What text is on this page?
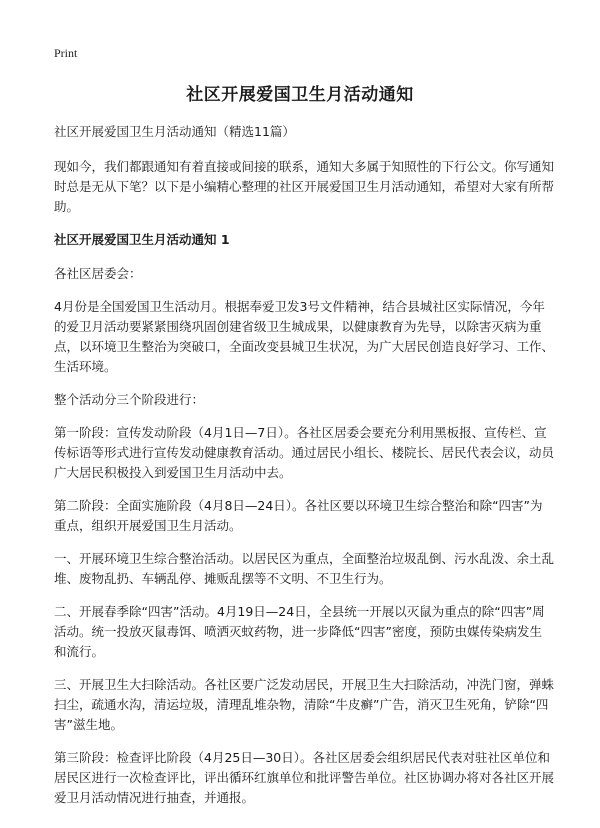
Print
社区开展爱国卫生月活动通知

社区开展爱国卫生月活动通知（精选11篇）

现如今，我们都跟通知有着直接或间接的联系，通知大多属于知照性的下行公文。你写通知时总是无从下笔？以下是小编精心整理的社区开展爱国卫生月活动通知，希望对大家有所帮助。

社区开展爱国卫生月活动通知 1

各社区居委会：

4月份是全国爱国卫生活动月。根据奉爱卫发3号文件精神，结合县城社区实际情况，今年的爱卫月活动要紧紧围绕巩固创建省级卫生城成果，以健康教育为先导，以除害灭病为重点，以环境卫生整治为突破口，全面改变县城卫生状况，为广大居民创造良好学习、工作、生活环境。

整个活动分三个阶段进行：

第一阶段：宣传发动阶段（4月1日—7日）。各社区居委会要充分利用黑板报、宣传栏、宣传标语等形式进行宣传发动健康教育活动。通过居民小组长、楼院长、居民代表会议，动员广大居民积极投入到爱国卫生月活动中去。

第二阶段：全面实施阶段（4月8日—24日）。各社区要以环境卫生综合整治和除“四害”为重点，组织开展爱国卫生月活动。

一、开展环境卫生综合整治活动。以居民区为重点，全面整治垃圾乱倒、污水乱泼、余土乱堆、废物乱扔、车辆乱停、摊贩乱摆等不文明、不卫生行为。

二、开展春季除“四害”活动。4月19日—24日，全县统一开展以灭鼠为重点的除“四害”周活动。统一投放灭鼠毒饵、喷洒灭蚊药物，进一步降低“四害”密度，预防虫媒传染病发生和流行。

三、开展卫生大扫除活动。各社区要广泛发动居民，开展卫生大扫除活动，冲洗门窗，弹蛛扫尘，疏通水沟，清运垃圾，清理乱堆杂物，清除“牛皮癣”广告，消灭卫生死角，铲除“四害”滋生地。

第三阶段：检查评比阶段（4月25日—30日）。各社区居委会组织居民代表对驻社区单位和居民区进行一次检查评比，评出循环红旗单位和批评警告单位。社区协调办将对各社区开展爱卫月活动情况进行抽查，并通报。
